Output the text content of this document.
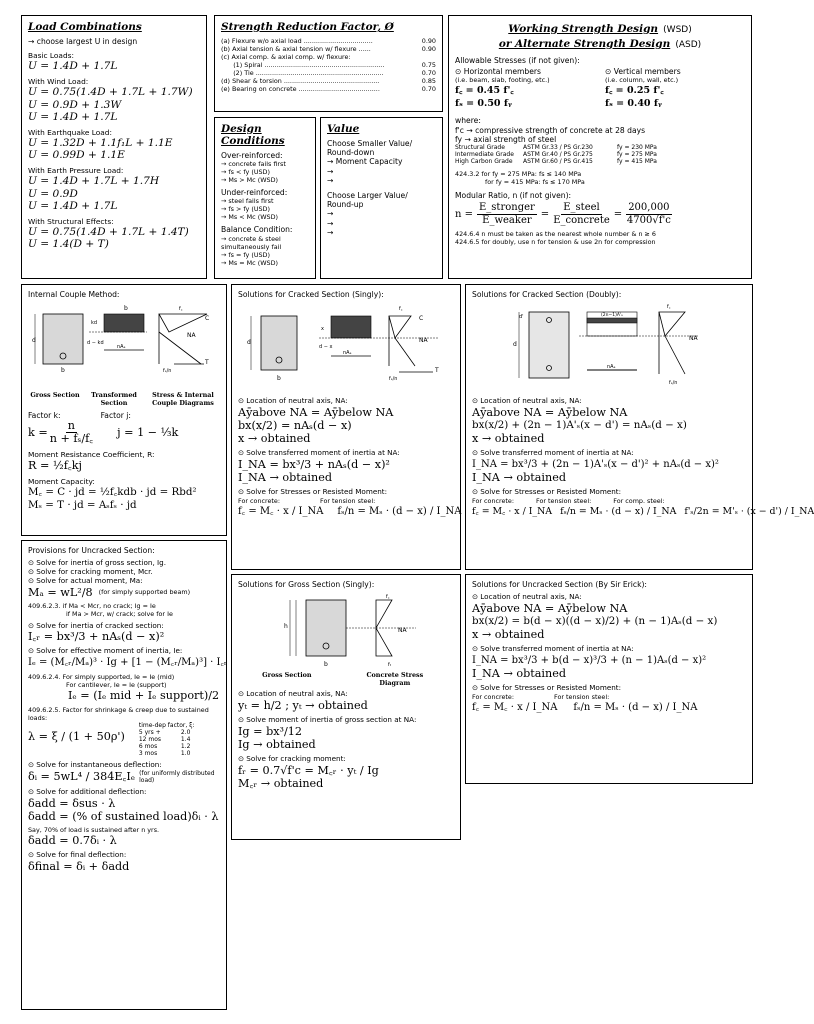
Load Combinations
→ choose largest U in design
Basic Loads:
U = 1.4D + 1.7L
With Wind Load:
U = 0.75(1.4D + 1.7L + 1.7W)
U = 0.9D + 1.3W
U = 1.4D + 1.7L
With Earthquake Load:
U = 1.32D + 1.1f₁L + 1.1E
U = 0.99D + 1.1E
With Earth Pressure Load:
U = 1.4D + 1.7L + 1.7H
U = 0.9D
U = 1.4D + 1.7L
With Structural Effects:
U = 0.75(1.4D + 1.7L + 1.4T)
U = 1.4(D + T)
Strength Reduction Factor, Ø
(a) Flexure w/o axial load ..................................	0.90
(b) Axial tension & axial tension w/ flexure ......	0.90
(c) Axial comp. & axial comp. w/ flexure:
(1) Spiral ...........................................................	0.75
(2) Tie ...............................................................	0.70
(d) Shear & torsion ...............................................	0.85
(e) Bearing on concrete ........................................	0.70
Design Conditions
Over-reinforced:
→ concrete fails first
→ fs < fy (USD)
→ Ms > Mc (WSD)
Under-reinforced:
→ steel fails first
→ fs > fy (USD)
→ Ms < Mc (WSD)
Balance Condition:
→ concrete & steel
simultaneously fail
→ fs = fy (USD)
→ Ms = Mc (WSD)
Value
Choose Smaller Value/ Round-down
→ Moment Capacity
→
→
Choose Larger Value/ Round-up
→
→
→
Working Strength Design (WSD)
or Alternate Strength Design (ASD)
Allowable Stresses (if not given):
⊙ Horizontal members
(i.e. beam, slab, footing, etc.)
f꜀ = 0.45 f'꜀
fₛ = 0.50 fᵧ
⊙ Vertical members
(i.e. column, wall, etc.)
f꜀ = 0.25 f'꜀
fₛ = 0.40 fᵧ
where:
f'c → compressive strength of concrete at 28 days
fy → axial strength of steel
Structural Grade	ASTM Gr.33 / PS Gr.230	fy = 230 MPa
Intermediate Grade	ASTM Gr.40 / PS Gr.275	fy = 275 MPa
High Carbon Grade	ASTM Gr.60 / PS Gr.415	fy = 415 MPa
424.3.2 for fy = 275 MPa: fs ≤ 140 MPa
for fy = 415 MPa: fs ≤ 170 MPa
Modular Ratio, n (if not given):
$n = \frac{\text{E\_stronger}}{\text{E\_weaker}} = \frac{\text{E\_steel}}{\text{E\_concrete}} = \frac{200,000}{4700√f'c}$
424.6.4 n must be taken as the nearest whole number & n ≥ 6
424.6.5 for doubly, use n for tension & use 2n for compression
Internal Couple Method:
d
b
nAₛ
kd
d − kd
b
NA
C
T
f꜀
fₛ/n
Gross Section	Transformed Section
Stress & Internal Couple Diagrams
Factor k:	Factor j:
$k = \frac{n}{\text{n + fₛ/f꜀}}$ j = 1 − ⅓k
Moment Resistance Coefficient, R:
R = ½f꜀kj
Moment Capacity:
M꜀ = C · jd = ½f꜀kdb · jd = Rbd²
Mₛ = T · jd = Aₛfₛ · jd
Provisions for Uncracked Section:
⊙ Solve for inertia of gross section, Ig.
⊙ Solve for cracking moment, Mcr.
⊙ Solve for actual moment, Ma:
Mₐ = wL²/8 (for simply supported beam)
409.6.2.3. if Ma < Mcr, no crack; Ig = Ie
if Ma > Mcr, w/ crack; solve for Ie
⊙ Solve for inertia of cracked section:
I꜀ᵣ = bx³/3 + nAₛ(d − x)²
⊙ Solve for effective moment of inertia, Ie:
Iₑ = (M꜀ᵣ/Mₐ)³ · Ig + [1 − (M꜀ᵣ/Mₐ)³] · I꜀ᵣ
409.6.2.4. For simply supported, Ie = Ie (mid)
For cantilever, Ie = Ie (support)
Iₑ = (Iₑ mid + Iₑ support)/2
409.6.2.5. Factor for shrinkage & creep due to sustained loads:
λ = ξ / (1 + 50ρ')
time-dep factor, ξ:
5 yrs +	2.0
12 mos	1.4
6 mos	1.2
3 mos	1.0
⊙ Solve for instantaneous deflection:
δᵢ = 5wL⁴ / 384E꜀Iₑ (for uniformly distributed load)
⊙ Solve for additional deflection:
δadd = δsus · λ
δadd = (% of sustained load)δᵢ · λ
Say, 70% of load is sustained after n yrs.
δadd = 0.7δᵢ · λ
⊙ Solve for final deflection:
δfinal = δᵢ + δadd
Solutions for Cracked Section (Singly):
d
b
nAₛ
x
d − x
NA
C
T
f꜀
fₛ/n
⊙ Location of neutral axis, NA:
Aȳabove NA = Aȳbelow NA
bx(x/2) = nAₛ(d − x)
x → obtained
⊙ Solve transferred moment of inertia at NA:
I_NA = bx³/3 + nAₛ(d − x)²
I_NA → obtained
⊙ Solve for Stresses or Resisted Moment:
For concrete:	For tension steel:
f꜀ = M꜀ · x / I_NA fₛ/n = Mₛ · (d − x) / I_NA
Solutions for Cracked Section (Doubly):
d
d'	(2n−1)A'ₛ
nAₛ
NA
f꜀
fₛ/n
⊙ Location of neutral axis, NA:
Aȳabove NA = Aȳbelow NA
bx(x/2) + (2n − 1)A'ₛ(x − d') = nAₛ(d − x)
x → obtained
⊙ Solve transferred moment of inertia at NA:
I_NA = bx³/3 + (2n − 1)A'ₛ(x − d')² + nAₛ(d − x)²
I_NA → obtained
⊙ Solve for Stresses or Resisted Moment:
For concrete:	For tension steel:	For comp. steel:
f꜀ = M꜀ · x / I_NA fₛ/n = Mₛ · (d − x) / I_NA f'ₛ/2n = M'ₛ · (x − d') / I_NA
Solutions for Gross Section (Singly):
h
b
NA
f꜀
fₜ
Gross Section	Concrete Stress Diagram
⊙ Location of neutral axis, NA:
yₜ = h/2 ; yₜ → obtained
⊙ Solve moment of inertia of gross section at NA:
Ig = bx³/12
Ig → obtained
⊙ Solve for cracking moment:
fᵣ = 0.7√f'c = M꜀ᵣ · yₜ / Ig
M꜀ᵣ → obtained
Solutions for Uncracked Section (By Sir Erick):
⊙ Location of neutral axis, NA:
Aȳabove NA = Aȳbelow NA
bx(x/2) = b(d − x)((d − x)/2) + (n − 1)Aₛ(d − x)
x → obtained
⊙ Solve transferred moment of inertia at NA:
I_NA = bx³/3 + b(d − x)³/3 + (n − 1)Aₛ(d − x)²
I_NA → obtained
⊙ Solve for Stresses or Resisted Moment:
For concrete:	For tension steel:
f꜀ = M꜀ · x / I_NA fₛ/n = Mₛ · (d − x) / I_NA
